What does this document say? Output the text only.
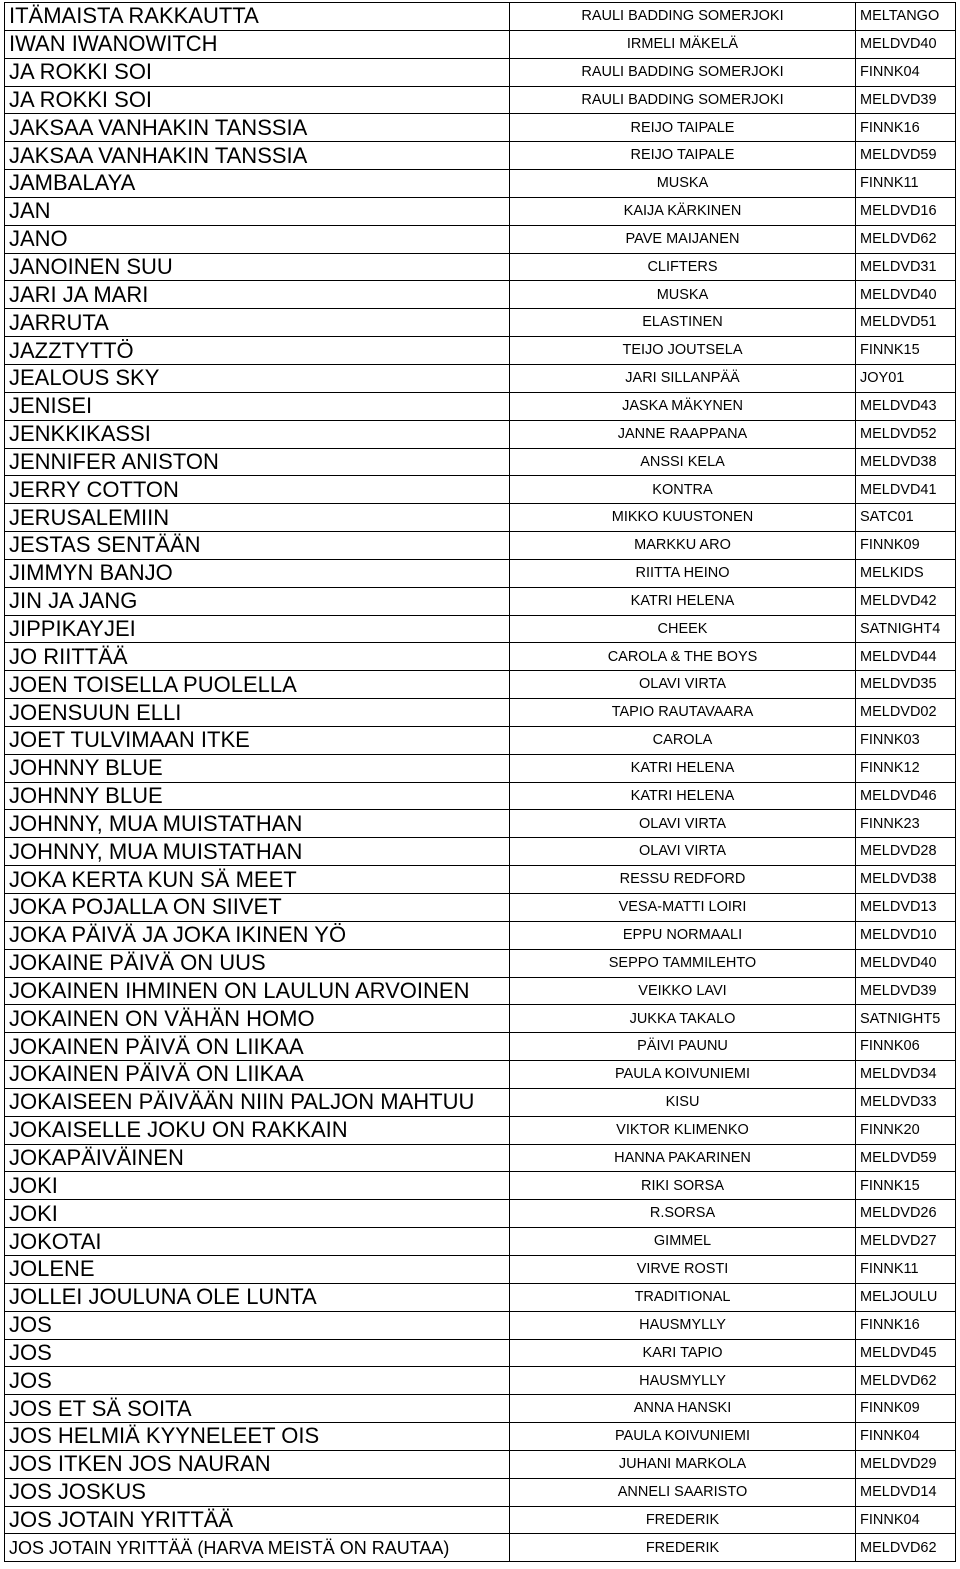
ITÄMAISTA RAKKAUTTA	RAULI BADDING SOMERJOKI	MELTANGO
IWAN IWANOWITCH	IRMELI MÄKELÄ	MELDVD40
JA ROKKI SOI	RAULI BADDING SOMERJOKI	FINNK04
JA ROKKI SOI	RAULI BADDING SOMERJOKI	MELDVD39
JAKSAA VANHAKIN TANSSIA	REIJO TAIPALE	FINNK16
JAKSAA VANHAKIN TANSSIA	REIJO TAIPALE	MELDVD59
JAMBALAYA	MUSKA	FINNK11
JAN	KAIJA KÄRKINEN	MELDVD16
JANO	PAVE MAIJANEN	MELDVD62
JANOINEN SUU	CLIFTERS	MELDVD31
JARI JA MARI	MUSKA	MELDVD40
JARRUTA	ELASTINEN	MELDVD51
JAZZTYTTÖ	TEIJO JOUTSELA	FINNK15
JEALOUS SKY	JARI SILLANPÄÄ	JOY01
JENISEI	JASKA MÄKYNEN	MELDVD43
JENKKIKASSI	JANNE RAAPPANA	MELDVD52
JENNIFER ANISTON	ANSSI KELA	MELDVD38
JERRY COTTON	KONTRA	MELDVD41
JERUSALEMIIN	MIKKO KUUSTONEN	SATC01
JESTAS SENTÄÄN	MARKKU ARO	FINNK09
JIMMYN BANJO	RIITTA HEINO	MELKIDS
JIN JA JANG	KATRI HELENA	MELDVD42
JIPPIKAYJEI	CHEEK	SATNIGHT4
JO RIITTÄÄ	CAROLA & THE BOYS	MELDVD44
JOEN TOISELLA PUOLELLA	OLAVI VIRTA	MELDVD35
JOENSUUN ELLI	TAPIO RAUTAVAARA	MELDVD02
JOET TULVIMAAN ITKE	CAROLA	FINNK03
JOHNNY BLUE	KATRI HELENA	FINNK12
JOHNNY BLUE	KATRI HELENA	MELDVD46
JOHNNY, MUA MUISTATHAN	OLAVI VIRTA	FINNK23
JOHNNY, MUA MUISTATHAN	OLAVI VIRTA	MELDVD28
JOKA KERTA KUN SÄ MEET	RESSU REDFORD	MELDVD38
JOKA POJALLA ON SIIVET	VESA-MATTI LOIRI	MELDVD13
JOKA PÄIVÄ JA JOKA IKINEN YÖ	EPPU NORMAALI	MELDVD10
JOKAINE PÄIVÄ ON UUS	SEPPO TAMMILEHTO	MELDVD40
JOKAINEN IHMINEN ON LAULUN ARVOINEN	VEIKKO LAVI	MELDVD39
JOKAINEN ON VÄHÄN HOMO	JUKKA TAKALO	SATNIGHT5
JOKAINEN PÄIVÄ ON LIIKAA	PÄIVI PAUNU	FINNK06
JOKAINEN PÄIVÄ ON LIIKAA	PAULA KOIVUNIEMI	MELDVD34
JOKAISEEN PÄIVÄÄN NIIN PALJON MAHTUU	KISU	MELDVD33
JOKAISELLE JOKU ON RAKKAIN	VIKTOR KLIMENKO	FINNK20
JOKAPÄIVÄINEN	HANNA PAKARINEN	MELDVD59
JOKI	RIKI SORSA	FINNK15
JOKI	R.SORSA	MELDVD26
JOKOTAI	GIMMEL	MELDVD27
JOLENE	VIRVE ROSTI	FINNK11
JOLLEI JOULUNA OLE LUNTA	TRADITIONAL	MELJOULU
JOS	HAUSMYLLY	FINNK16
JOS	KARI TAPIO	MELDVD45
JOS	HAUSMYLLY	MELDVD62
JOS ET SÄ SOITA	ANNA HANSKI	FINNK09
JOS HELMIÄ KYYNELEET OIS	PAULA KOIVUNIEMI	FINNK04
JOS ITKEN JOS NAURAN	JUHANI MARKOLA	MELDVD29
JOS JOSKUS	ANNELI SAARISTO	MELDVD14
JOS JOTAIN YRITTÄÄ	FREDERIK	FINNK04
JOS JOTAIN YRITTÄÄ (HARVA MEISTÄ ON RAUTAA)	FREDERIK	MELDVD62
